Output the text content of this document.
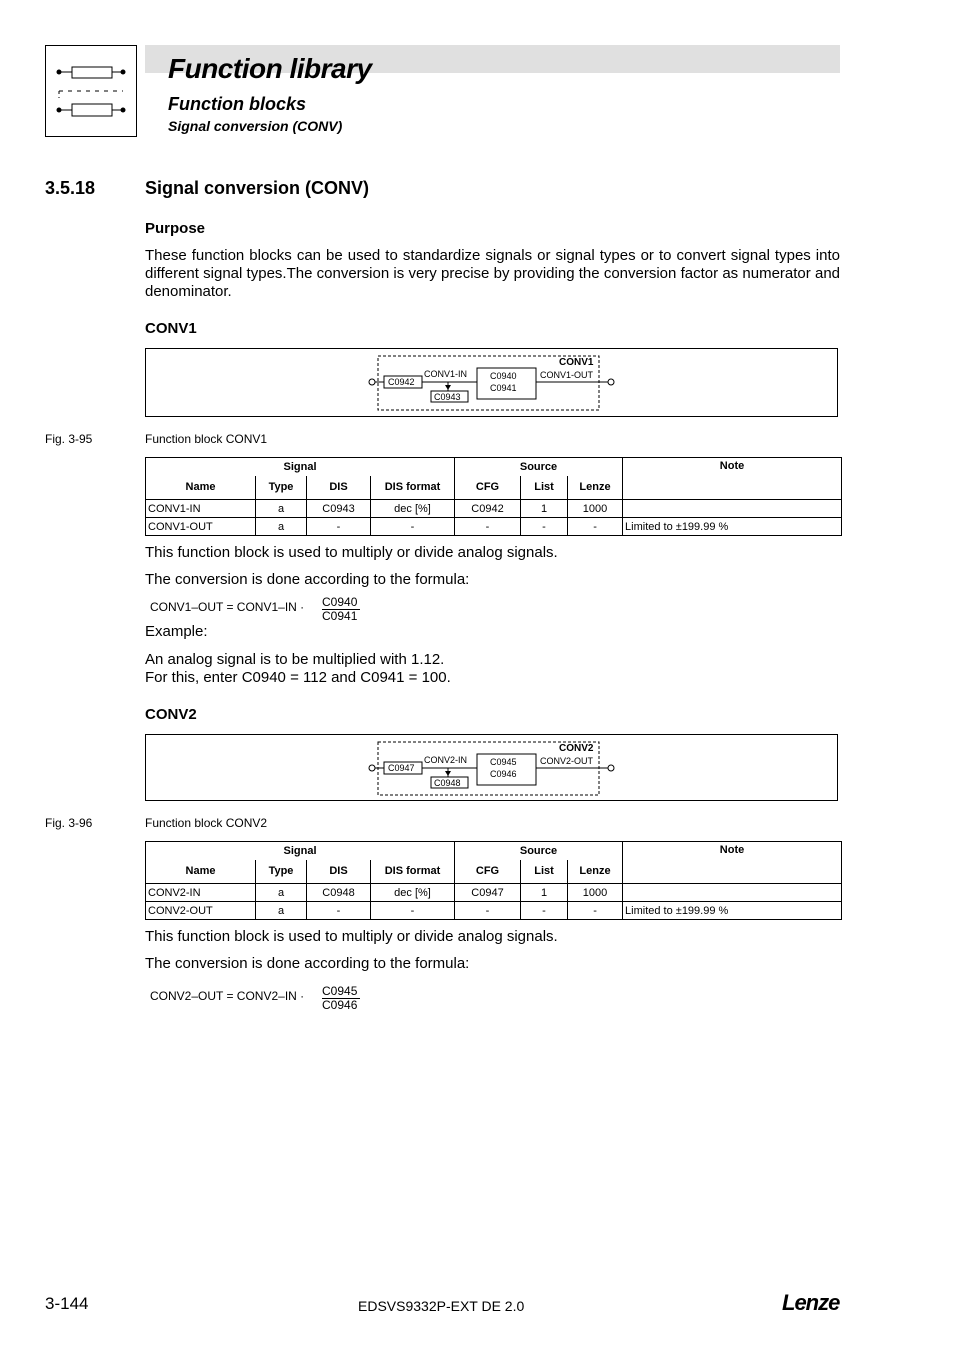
Function library
Function blocks
Signal conversion (CONV)
3.5.18	Signal conversion (CONV)
Purpose
These function blocks can be used to standardize signals or signal types or to convert signal types into different signal types.The conversion is very precise by providing the conversion factor as numerator and denominator.
CONV1
CONV1
C0942
CONV1-IN
C0943
C0940
C0941
CONV1-OUT
Fig. 3-95	Function block CONV1
Signal				Source			Note
Name	Type	DIS	DIS format	CFG	List	Lenze	
CONV1-IN	a	C0943	dec [%]	C0942	1	1000	
CONV1-OUT	a	-	-	-	-	-	Limited to ±199.99 %
This function block is used to multiply or divide analog signals.
The conversion is done according to the formula:
CONV1–OUT = CONV1–IN · C0940
C0941
Example:
An analog signal is to be multiplied with 1.12.
For this, enter C0940 = 112 and C0941 = 100.
CONV2
CONV2
C0947
CONV2-IN
C0948
C0945
C0946
CONV2-OUT
Fig. 3-96	Function block CONV2
Signal				Source			Note
Name	Type	DIS	DIS format	CFG	List	Lenze	
CONV2-IN	a	C0948	dec [%]	C0947	1	1000	
CONV2-OUT	a	-	-	-	-	-	Limited to ±199.99 %
This function block is used to multiply or divide analog signals.
The conversion is done according to the formula:
CONV2–OUT = CONV2–IN · C0945
C0946
3-144	EDSVS9332P-EXT DE 2.0	Lenze
